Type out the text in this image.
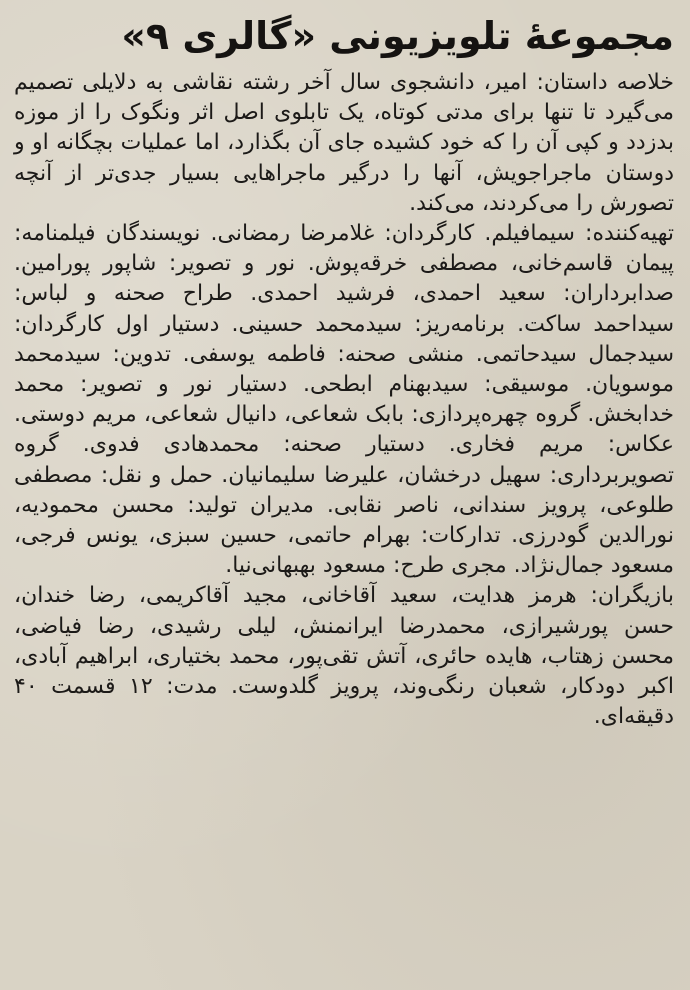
مجموعۀ تلویزیونی «گالری ۹»

خلاصه داستان: امیر، دانشجوی سال آخر رشته نقاشی به دلایلی تصمیم می‌گیرد تا تنها برای مدتی کوتاه، یک تابلوی اصل اثر ونگوک را از موزه بدزدد و کپی آن را که خود کشیده جای آن بگذارد، اما عملیات بچگانه او و دوستان ماجراجویش، آنها را درگیر ماجراهایی بسیار جدی‌تر از آنچه تصورش را می‌کردند، می‌کند.

تهیه‌کننده: سیمافیلم. کارگردان: غلامرضا رمضانی. نویسندگان فیلمنامه: پیمان قاسم‌خانی، مصطفی خرقه‌پوش. نور و تصویر: شاپور پورامین. صدابرداران: سعید احمدی، فرشید احمدی. طراح صحنه و لباس: سیداحمد ساکت. برنامه‌ریز: سیدمحمد حسینی. دستیار اول کارگردان: سیدجمال سیدحاتمی. منشی صحنه: فاطمه یوسفی. تدوین: سیدمحمد موسویان. موسیقی: سیدبهنام ابطحی. دستیار نور و تصویر: محمد خدابخش. گروه چهره‌پردازی: بابک شعاعی، دانیال شعاعی، مریم دوستی. عکاس: مریم فخاری. دستیار صحنه: محمدهادی فدوی. گروه تصویربرداری: سهیل درخشان، علیرضا سلیمانیان. حمل و نقل: مصطفی طلوعی، پرویز سندانی، ناصر نقابی. مدیران تولید: محسن محمودیه، نورالدین گودرزی. تدارکات: بهرام حاتمی، حسین سبزی، یونس فرجی، مسعود جمال‌نژاد. مجری طرح: مسعود بهبهانی‌نیا.

بازیگران: هرمز هدایت، سعید آقاخانی، مجید آقاکریمی، رضا خندان، حسن پورشیرازی، محمدرضا ایرانمنش، لیلی رشیدی، رضا فیاضی، محسن زهتاب، هایده حائری، آتش تقی‌پور، محمد بختیاری، ابراهیم آبادی، اکبر دودکار، شعبان رنگی‌وند، پرویز گلدوست. مدت: ۱۲ قسمت ۴۰ دقیقه‌ای.
